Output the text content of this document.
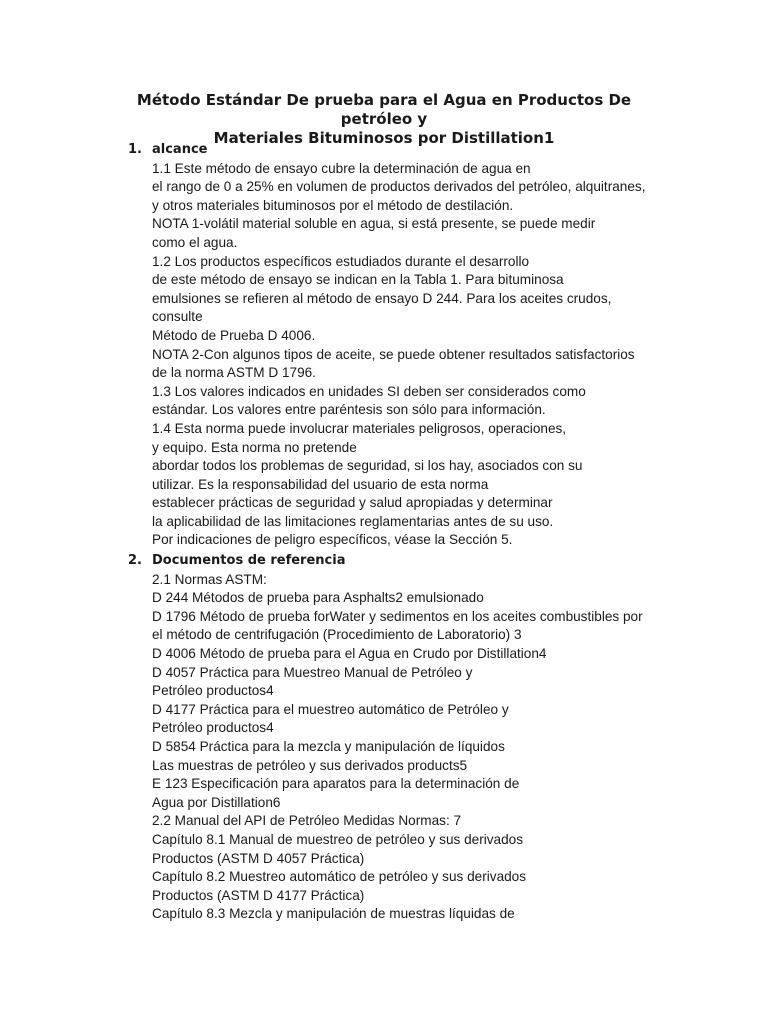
Método Estándar De prueba para el Agua en Productos De petróleo y
Materiales Bituminosos por Distillation1
1. alcance
1.1 Este método de ensayo cubre la determinación de agua en
el rango de 0 a 25% en volumen de productos derivados del petróleo, alquitranes,
y otros materiales bituminosos por el método de destilación.
NOTA 1-volátil material soluble en agua, si está presente, se puede medir
como el agua.
1.2 Los productos específicos estudiados durante el desarrollo
de este método de ensayo se indican en la Tabla 1. Para bituminosa
emulsiones se refieren al método de ensayo D 244. Para los aceites crudos,
consulte
Método de Prueba D 4006.
NOTA 2-Con algunos tipos de aceite, se puede obtener resultados satisfactorios
de la norma ASTM D 1796.
1.3 Los valores indicados en unidades SI deben ser considerados como
estándar. Los valores entre paréntesis son sólo para información.
1.4 Esta norma puede involucrar materiales peligrosos, operaciones,
y equipo. Esta norma no pretende
abordar todos los problemas de seguridad, si los hay, asociados con su
utilizar. Es la responsabilidad del usuario de esta norma
establecer prácticas de seguridad y salud apropiadas y determinar
la aplicabilidad de las limitaciones reglamentarias antes de su uso.
Por indicaciones de peligro específicos, véase la Sección 5.
2. Documentos de referencia
2.1 Normas ASTM:
D 244 Métodos de prueba para Asphalts2 emulsionado
D 1796 Método de prueba forWater y sedimentos en los aceites combustibles por
el método de centrifugación (Procedimiento de Laboratorio) 3
D 4006 Método de prueba para el Agua en Crudo por Distillation4
D 4057 Práctica para Muestreo Manual de Petróleo y
Petróleo productos4
D 4177 Práctica para el muestreo automático de Petróleo y
Petróleo productos4
D 5854 Práctica para la mezcla y manipulación de líquidos
Las muestras de petróleo y sus derivados products5
E 123 Especificación para aparatos para la determinación de
Agua por Distillation6
2.2 Manual del API de Petróleo Medidas Normas: 7
Capítulo 8.1 Manual de muestreo de petróleo y sus derivados
Productos (ASTM D 4057 Práctica)
Capítulo 8.2 Muestreo automático de petróleo y sus derivados
Productos (ASTM D 4177 Práctica)
Capítulo 8.3 Mezcla y manipulación de muestras líquidas de
